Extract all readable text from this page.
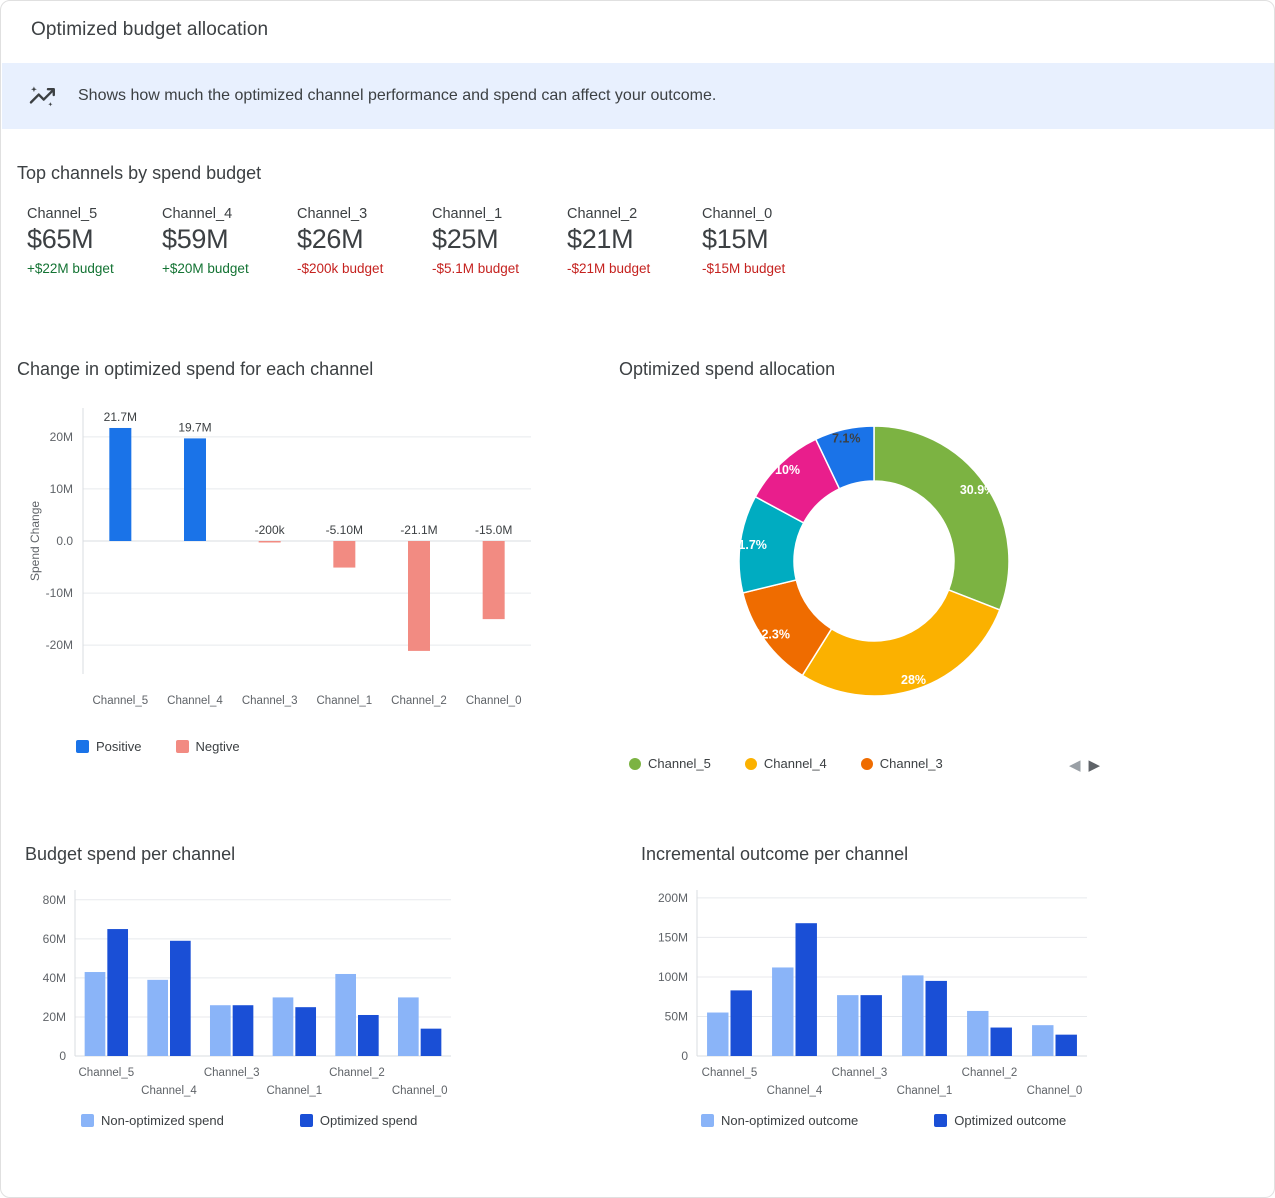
Optimized budget allocation
Shows how much the optimized channel performance and spend can affect your outcome.
Top channels by spend budget
Channel_5
$65M
+$22M budget
Channel_4
$59M
+$20M budget
Channel_3
$26M
-$200k budget
Channel_1
$25M
-$5.1M budget
Channel_2
$21M
-$21M budget
Channel_0
$15M
-$15M budget
Change in optimized spend for each channel
20M
10M
0.0
-10M
-20M
Spend Change
21.7M
Channel_5
19.7M
Channel_4
-200k
Channel_3
-5.10M
Channel_1
-21.1M
Channel_2
-15.0M
Channel_0
Positive	Negtive
Optimized spend allocation
30.9%
28%
12.3%
11.7%
10%
7.1%
Channel_5	Channel_4	Channel_3	◀ ▶
Budget spend per channel
80M
60M
40M
20M
0
Channel_5
Channel_4
Channel_3
Channel_1
Channel_2
Channel_0
Non-optimized spend	Optimized spend
Incremental outcome per channel
200M
150M
100M
50M
0
Channel_5
Channel_4
Channel_3
Channel_1
Channel_2
Channel_0
Non-optimized outcome	Optimized outcome
